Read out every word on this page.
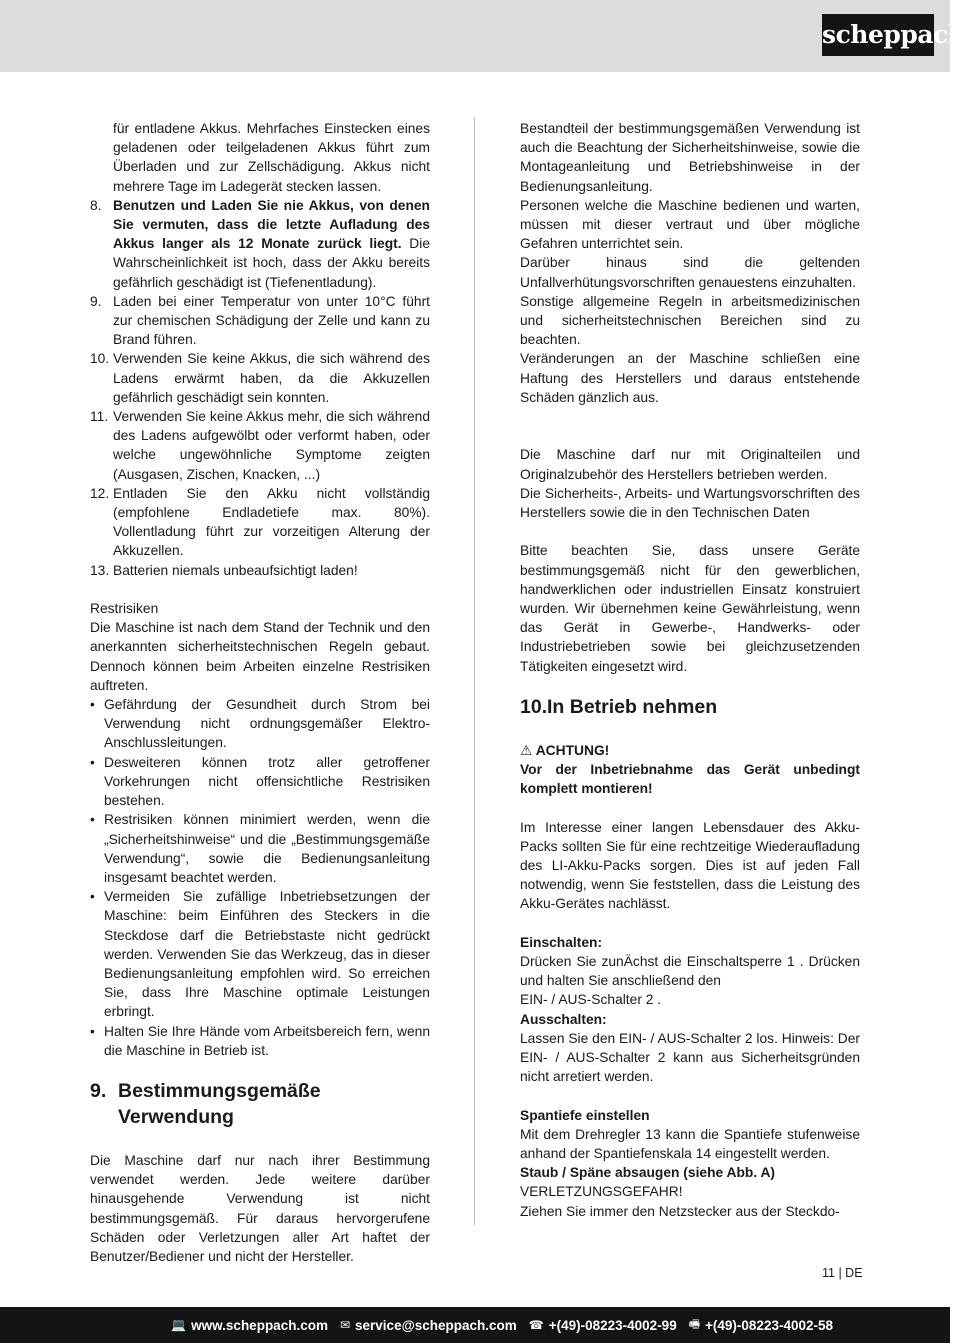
scheppach

für entladene Akkus. Mehrfaches Einstecken eines geladenen oder teilgeladenen Akkus führt zum Überladen und zur Zellschädigung. Akkus nicht mehrere Tage im Ladegerät stecken lassen.

8. Benutzen und Laden Sie nie Akkus, von denen Sie vermuten, dass die letzte Aufladung des Akkus langer als 12 Monate zurück liegt. Die Wahrscheinlichkeit ist hoch, dass der Akku bereits gefährlich geschädigt ist (Tiefenentladung).
9. Laden bei einer Temperatur von unter 10°C führt zur chemischen Schädigung der Zelle und kann zu Brand führen.
10. Verwenden Sie keine Akkus, die sich während des Ladens erwärmt haben, da die Akkuzellen gefährlich geschädigt sein konnten.
11. Verwenden Sie keine Akkus mehr, die sich während des Ladens aufgewölbt oder verformt haben, oder welche ungewöhnliche Symptome zeigten (Ausgasen, Zischen, Knacken, ...)
12. Entladen Sie den Akku nicht vollständig (empfohlene Endladetiefe max. 80%). Vollentladung führt zur vorzeitigen Alterung der Akkuzellen.
13. Batterien niemals unbeaufsichtigt laden!

Restrisiken

Die Maschine ist nach dem Stand der Technik und den anerkannten sicherheitstechnischen Regeln gebaut. Dennoch können beim Arbeiten einzelne Restrisiken auftreten.

• Gefährdung der Gesundheit durch Strom bei Verwendung nicht ordnungsgemäßer Elektro-Anschlussleitungen.
• Desweiteren können trotz aller getroffener Vorkehrungen nicht offensichtliche Restrisiken bestehen.
• Restrisiken können minimiert werden, wenn die „Sicherheitshinweise“ und die „Bestimmungsgemäße Verwendung“, sowie die Bedienungsanleitung insgesamt beachtet werden.
• Vermeiden Sie zufällige Inbetriebsetzungen der Maschine: beim Einführen des Steckers in die Steckdose darf die Betriebstaste nicht gedrückt werden. Verwenden Sie das Werkzeug, das in dieser Bedienungsanleitung empfohlen wird. So erreichen Sie, dass Ihre Maschine optimale Leistungen erbringt.
• Halten Sie Ihre Hände vom Arbeitsbereich fern, wenn die Maschine in Betrieb ist.
9. Bestimmungsgemäße Verwendung

Die Maschine darf nur nach ihrer Bestimmung verwendet werden. Jede weitere darüber hinausgehende Verwendung ist nicht bestimmungsgemäß. Für daraus hervorgerufene Schäden oder Verletzungen aller Art haftet der Benutzer/Bediener und nicht der Hersteller.

Bestandteil der bestimmungsgemäßen Verwendung ist auch die Beachtung der Sicherheitshinweise, sowie die Montageanleitung und Betriebshinweise in der Bedienungsanleitung.

Personen welche die Maschine bedienen und warten, müssen mit dieser vertraut und über mögliche Gefahren unterrichtet sein.

Darüber hinaus sind die geltenden Unfallverhütungsvorschriften genauestens einzuhalten.

Sonstige allgemeine Regeln in arbeitsmedizinischen und sicherheitstechnischen Bereichen sind zu beachten.

Veränderungen an der Maschine schließen eine Haftung des Herstellers und daraus entstehende Schäden gänzlich aus.

Die Maschine darf nur mit Originalteilen und Originalzubehör des Herstellers betrieben werden.

Die Sicherheits-, Arbeits- und Wartungsvorschriften des Herstellers sowie die in den Technischen Daten

Bitte beachten Sie, dass unsere Geräte bestimmungsgemäß nicht für den gewerblichen, handwerklichen oder industriellen Einsatz konstruiert wurden. Wir übernehmen keine Gewährleistung, wenn das Gerät in Gewerbe-, Handwerks- oder Industriebetrieben sowie bei gleichzusetzenden Tätigkeiten eingesetzt wird.

10. In Betrieb nehmen

⚠ ACHTUNG!

Vor der Inbetriebnahme das Gerät unbedingt komplett montieren!

Im Interesse einer langen Lebensdauer des Akku-Packs sollten Sie für eine rechtzeitige Wiederaufladung des LI-Akku-Packs sorgen. Dies ist auf jeden Fall notwendig, wenn Sie feststellen, dass die Leistung des Akku-Gerätes nachlässt.

Einschalten:

Drücken Sie zunÄchst die Einschaltsperre 1 . Drücken und halten Sie anschließend den

EIN- / AUS-Schalter 2 .

Ausschalten:

Lassen Sie den EIN- / AUS-Schalter 2 los. Hinweis: Der EIN- / AUS-Schalter 2 kann aus Sicherheitsgründen nicht arretiert werden.

Spantiefe einstellen

Mit dem Drehregler 13 kann die Spantiefe stufenweise anhand der Spantiefenskala 14 eingestellt werden.

Staub / Späne absaugen (siehe Abb. A)

VERLETZUNGSGEFAHR!

Ziehen Sie immer den Netzstecker aus der Steckdo-

11 | DE
💻 www.scheppach.com ✉ service@scheppach.com ☎ +(49)-08223-4002-99 🖷 +(49)-08223-4002-58
